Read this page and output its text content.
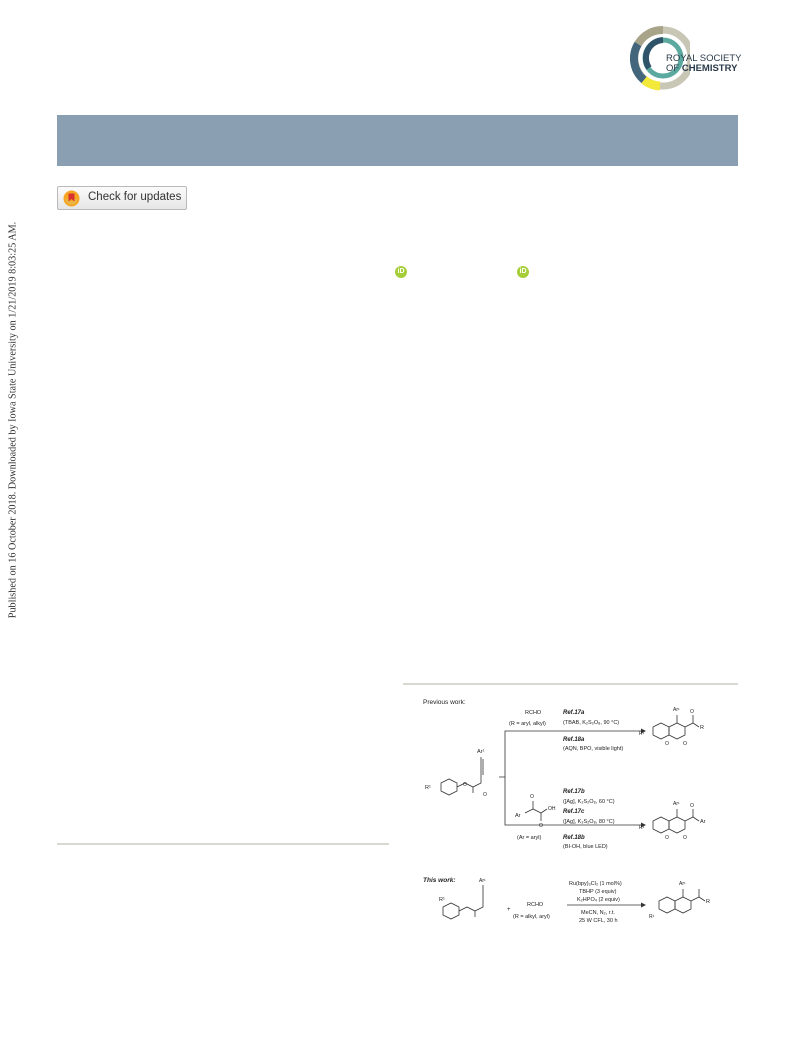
Published on 16 October 2018. Downloaded by Iowa State University on 1/21/2019 8:03:25 AM.
ROYAL SOCIETY
OF CHEMISTRY
Check for updates
iD	iD
Previous work:
RCHO
(R = aryl, alkyl)
Ref.17a
(TBAB, K₂S₂O₈, 90 °C)
Ref.18a
(AQN, BPO, visible light)
R¹
Ar¹
O
O
Ar
OH
O
O
Ref.17b
([Ag], K₂S₂O₈, 60 °C)
Ref.17c
([Ag], K₂S₂O₈, 80 °C)
(Ar = aryl)	Ref.18b
(BI-OH, blue LED)
R¹
Ar¹
R
O	O
O
R¹
Ar¹
Ar
O	O
O
This work:
R¹
Ar¹
+
RCHO
(R = alkyl, aryl)
Ru(bpy)₃Cl₂ (1 mol%)
TBHP (3 equiv)
K₂HPO₄ (2 equiv)
MeCN, N₂, r.t.
25 W CFL, 30 h
R¹
Ar¹
R
